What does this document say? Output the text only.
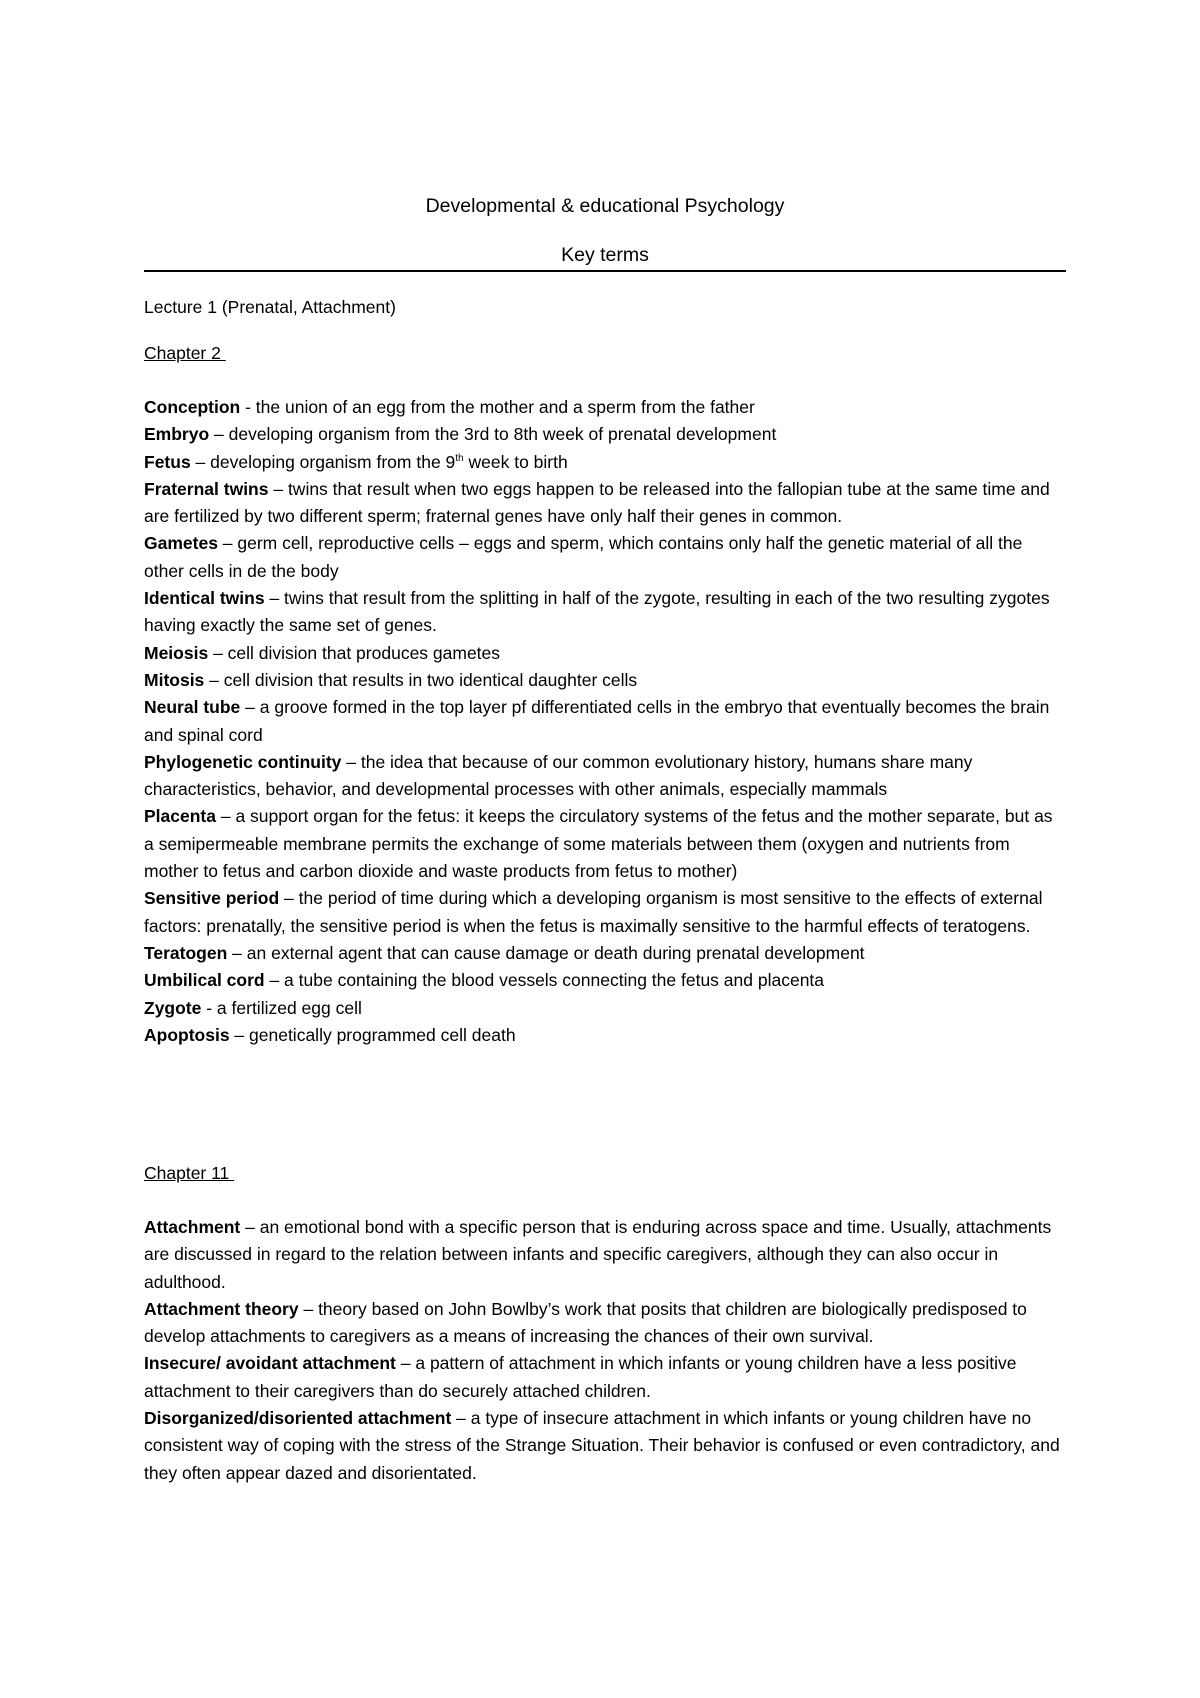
Developmental & educational Psychology
Key terms
Lecture 1 (Prenatal, Attachment)
Chapter 2
Conception - the union of an egg from the mother and a sperm from the father
Embryo – developing organism from the 3rd to 8th week of prenatal development
Fetus – developing organism from the 9th week to birth
Fraternal twins – twins that result when two eggs happen to be released into the fallopian tube at the same time and are fertilized by two different sperm; fraternal genes have only half their genes in common.
Gametes – germ cell, reproductive cells – eggs and sperm, which contains only half the genetic material of all the other cells in de the body
Identical twins – twins that result from the splitting in half of the zygote, resulting in each of the two resulting zygotes having exactly the same set of genes.
Meiosis – cell division that produces gametes
Mitosis – cell division that results in two identical daughter cells
Neural tube – a groove formed in the top layer pf differentiated cells in the embryo that eventually becomes the brain and spinal cord
Phylogenetic continuity – the idea that because of our common evolutionary history, humans share many characteristics, behavior, and developmental processes with other animals, especially mammals
Placenta – a support organ for the fetus: it keeps the circulatory systems of the fetus and the mother separate, but as a semipermeable membrane permits the exchange of some materials between them (oxygen and nutrients from mother to fetus and carbon dioxide and waste products from fetus to mother)
Sensitive period – the period of time during which a developing organism is most sensitive to the effects of external factors: prenatally, the sensitive period is when the fetus is maximally sensitive to the harmful effects of teratogens.
Teratogen – an external agent that can cause damage or death during prenatal development
Umbilical cord – a tube containing the blood vessels connecting the fetus and placenta
Zygote - a fertilized egg cell
Apoptosis – genetically programmed cell death
Chapter 11
Attachment – an emotional bond with a specific person that is enduring across space and time. Usually, attachments are discussed in regard to the relation between infants and specific caregivers, although they can also occur in adulthood.
Attachment theory – theory based on John Bowlby’s work that posits that children are biologically predisposed to develop attachments to caregivers as a means of increasing the chances of their own survival.
Insecure/ avoidant attachment – a pattern of attachment in which infants or young children have a less positive attachment to their caregivers than do securely attached children.
Disorganized/disoriented attachment – a type of insecure attachment in which infants or young children have no consistent way of coping with the stress of the Strange Situation. Their behavior is confused or even contradictory, and they often appear dazed and disorientated.
